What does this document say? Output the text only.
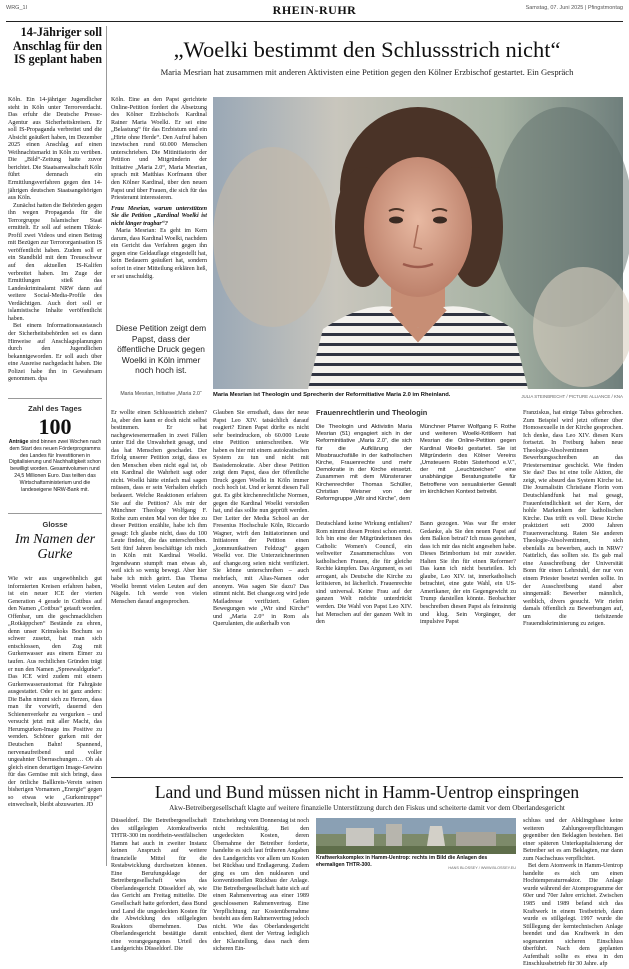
WRG_1I	RHEIN-RUHR	Samstag, 07. Juni 2025 | Pfingstmontag
14-Jähriger soll Anschlag für den IS geplant haben

Köln. Ein 14-jähriger Jugendlicher steht in Köln unter Terrorverdacht. Das erfuhr die Deutsche Presse-Agentur aus Sicherheitskreisen. Er soll IS-Propaganda verbreitet und die Absicht geäußert haben, im Dezember 2025 einen Anschlag auf einen Weihnachtsmarkt in Köln zu verüben. Die „Bild“-Zeitung hatte zuvor berichtet. Die Staatsanwaltschaft Köln führt demnach ein Ermittlungsverfahren gegen den 14-jährigen deutschen Staatsangehörigen aus Köln.

Zunächst hatten die Behörden gegen ihn wegen Propaganda für die Terrorgruppe Islamischer Staat ermittelt. Er soll auf seinem Tiktok-Profil zwei Videos und einen Beitrag mit Bezügen zur Terrororganisation IS veröffentlicht haben. Zudem soll er ein Standbild mit dem Treueschwur auf den aktuellen IS-Kalifen verbreitet haben. Im Zuge der Ermittlungen stieß das Landeskriminalamt NRW dann auf weitere Social-Media-Profile des Verdächtigen. Auch dort soll er islamistische Inhalte veröffentlicht haben.

Bei einem Informationsaustausch der Sicherheitsbehörden sei es dann Hinweise auf Anschlagsplanungen durch den Jugendlichen bekanntgeworden. Er soll auch über eine Ausreise nachgedacht haben. Die Polizei habe ihn in Gewahrsam genommen. dpa

Zahl des Tages
100
Anträge sind binnen zwei Wochen nach dem Start des neuen Förderprogramms des Landes für Investitionen in Digitalisierung und Nachhaltigkeit schon bewilligt worden. Gesamtvolumen rund 24,5 Millionen Euro. Das teilten das Wirtschaftsministerium und die landeseigene NRW-Bank mit.
Glosse
Im Namen der Gurke

Wie wir aus ungewöhnlich gut informierten Kreisen erfahren haben, ist ein neuer ICE der vierten Generation 4 gerade in Cottbus auf den Namen „Cottbus“ getauft worden. Offenbar, um die geschmacklichen „Rotkäppchen“ Bestände zu ehren, denn unser Krimskoks Bochum so schwer zusetzt, hat man sich entschlossen, den Zug mit Gurkenwasser aus einem Eimer zu taufen. Aus rechtlichen Gründen trägt er nun den Namen „Spreewaldgurke“. Das ICE wird zudem mit einem Gurkenwasserautomat für Fahrgäste ausgestattet. Oder es ist ganz anders: Die Bahn nimmt sich zu Herzen, dass man ihr vorwirft, dauernd den Schienenverkehr zu vergurken – und versucht jetzt mit aller Macht, das Herumgurken-Image ins Positive zu wenden. Schöner gurken mit der Deutschen Bahn! Spannend, nervenaufreibend und voller ungeahnter Überraschungen… Oh als gleich einen derartigen Image-Gewinn für das Gemüse mit sich bringt, dass der örtliche Ballkreis-Verein seinen bisherigen Vornamen „Energie“ gegen so etwas wie „Gurkentruppe“ einwechselt, bleibt abzuwarten. JD

„Woelki bestimmt den Schlussstrich nicht“
Maria Mesrian hat zusammen mit anderen Aktivisten eine Petition gegen den Kölner Erzbischof gestartet. Ein Gespräch

Köln. Eine an den Papst gerichtete Online-Petition fordert die Absetzung des Kölner Erzbischofs Kardinal Rainer Maria Woelki. Er sei eine „Belastung“ für das Erzbistum und ein „Hirte ohne Herde“. Den Aufruf haben inzwischen rund 60.000 Menschen unterschrieben. Die Mitinitiatorin der Petition und Mitgründerin der Initiative „Maria 2.0“, Maria Mesrian, sprach mit Matthias Korfmann über den Kölner Kardinal, über den neuen Papst und über Frauen, die sich für das Priesteramt interessieren.

Frau Mesrian, warum unterstützen Sie die Petition „Kardinal Woelki ist nicht länger tragbar“?

Maria Mesrian: Es geht im Kern darum, dass Kardinal Woelki, nachdem ein Gericht das Verfahren gegen ihn gegen eine Geldauflage eingestellt hat, kein Bedauern geäußert hat, sondern sofort in einer Mitteilung erklären ließ, er sei unschuldig.

Diese Petition zeigt dem Papst, dass der öffentliche Druck gegen Woelki in Köln immer noch hoch ist.
Maria Mesrian, Initiative „Maria 2.0“	Maria Mesrian ist Theologin und Sprecherin der Reformitiative Maria 2.0 im Rheinland.	JULIA STEINBRECHT / PICTURE ALLIANCE / KNA

Er wollte einen Schlussstrich ziehen? Ja, aber den kann er doch nicht selbst bestimmen. Er hat nachgewiesenermaßen in zwei Fällen unter Eid die Unwahrheit gesagt, und das hat Menschen geschadet. Der Erfolg unserer Petition zeigt, dass es den Menschen eben nicht egal ist, ob ein Kardinal die Wahrheit sagt oder nicht. Woelki hätte einfach mal sagen müssen, dass er sein Verhalten ehrlich bedauert. Welche Reaktionen erfahren Sie auf die Petition? Als mir der Münchner Theologe Wolfgang F. Rothe zum ersten Mal von der Idee zu dieser Petition erzählte, habe ich ihm gesagt: Ich glaube nicht, dass du 100 Leute findest, die das unterschreiben. Seit fünf Jahren beschäftige ich mich in Köln mit Kardinal Woelki. Irgendwann stumpft man etwas ab, weil sich so wenig bewegt. Aber hier habe ich mich geirrt. Das Thema Woelki brennt vielen Leuten auf den Nägeln. Ich werde von vielen Menschen darauf angesprochen.

Glauben Sie ernsthaft, dass der neue Papst Leo XIV. tatsächlich darauf reagiert? Einen Papst dürfte es nicht sehr beeindrucken, ob 60.000 Leute eine Petition unterschreiben. Wir haben es hier mit einem autokratischen System zu tun und nicht mit Basisdemokratie. Aber diese Petition zeigt dem Papst, dass der öffentliche Druck gegen Woelki in Köln immer noch hoch ist. Und er kennt diesen Fall gut. Es gibt kirchenrechtliche Normen, gegen die Kardinal Woelki verstoßen hat, und das sollte nun geprüft werden. Der Leiter der Media School an der Fresenius Hochschule Köln, Riccardo Wagner, wirft den Initiatorinnen und Initiatoren der Petition einen „kommunikativen Feldzug“ gegen Woelki vor. Die Unterzeichnerinnen auf change.org seien nicht verifiziert. Sie könne unterschreiben – auch mehrfach, mit Alias-Namen oder anonym. Was sagen Sie dazu? Das stimmt nicht. Bei change.org wird jede Mailadresse verifiziert. Gelten Bewegungen wie „Wir sind Kirche“ und „Maria 2.0“ in Rom als Querulanten, die außerhalb von

Frauenrechtlerin und Theologin

Die Theologin und Aktivistin Maria Mesrian (51) engagiert sich in der Reforminitiative „Maria 2.0“, die sich für die Aufklärung der Missbrauchsfälle in der katholischen Kirche, Frauenrechte und mehr Demokratie in der Kirche einsetzt. Zusammen mit dem Münsteraner Kirchenrechtler Thomas Schüller, Christian Weisner von der Reformgruppe „Wir sind Kirche“, dem

Münchner Pfarrer Wolfgang F. Rothe und weiteren Woelki-Kritikern hat Mesrian die Online-Petition gegen Kardinal Woelki gestartet. Sie ist Mitgründerin des Kölner Vereins „Umsteuern Robin Sisterhood e.V.“, der mit „Leuchtzeichen“ eine unabhängige Beratungsstelle für Betroffene von sexualisierter Gewalt im kirchlichen Kontext betreibt.

Deutschland keine Wirkung entfalten? Rom nimmt diesen Protest schon ernst. Ich bin eine der Mitgründerinnen des Catholic Women's Council, ein weltweiter Zusammenschluss von katholischen Frauen, die für gleiche Rechte kämpfen. Das Argument, es sei arrogant, als Deutsche die Kirche zu kritisieren, ist lächerlich. Frauenrechte sind universal. Keine Frau auf der ganzen Welt möchte unterdrückt werden. Die Wahl von Papst Leo XIV. hat Menschen auf der ganzen Welt in den

Bann gezogen. Was war Ihr erster Gedanke, als Sie den neuen Papst auf dem Balkon betrat? Ich muss gestehen, dass ich mir das nicht angesehen habe. Dieses Brimborium ist mir zuwider. Halten Sie ihn für einen Reformer? Das kann ich nicht beurteilen. Ich glaube, Leo XIV. ist, innerkatholisch betrachtet, eine gute Wahl, ein US-Amerikaner, der ein Gegengewicht zu Trump darstellen könnte. Beobachter beschreiben diesen Papst als feinsinnig und klug. Sein Vorgänger, der impulsive Papst

Franziskus, hat einige Tabus gebrochen. Zum Beispiel wird jetzt offener über Homosexuelle in der Kirche gesprochen. Ich denke, dass Leo XIV. diesen Kurs fortsetzt. In Freiburg haben neue Theologie-Absolventinnen Bewerbungsschreiben an das Priesterseminar geschickt. Wie finden Sie das? Das ist eine tolle Aktion, die zeigt, wie absurd das System Kirche ist. Die Journalistin Christiane Florin vom Deutschlandfunk hat mal gesagt, Frauenfeindlichkeit sei der Kern, der hohle Markenkern der katholischen Kirche. Das trifft es voll. Diese Kirche praktiziert seit 2000 Jahren Frauenverachtung. Raten Sie anderen Theologie-Absolventinnen, sich ebenfalls zu bewerben, auch in NRW? Natürlich, das sollten sie. Es gab mal eine Ausschreibung der Universität Bonn für einen Lehrstuhl, der nur von einem Priester besetzt werden sollte. In der Ausschreibung stand aber sinngemäß: Bewerber männlich, weiblich, divers gesucht. Wir riefen damals öffentlich zu Bewerbungen auf, um die tiefsitzende Frauendiskriminierung zu zeigen.

Land und Bund müssen nicht in Hamm-Uentrop einspringen
Akw-Betreibergesellschaft klagte auf weitere finanzielle Unterstützung durch den Fiskus und scheiterte damit vor dem Oberlandesgericht

Düsseldorf. Die Betreibergesellschaft des stillgelegten Atomkraftwerks THTR-300 im nordrhein-westfälischen Hamm hat auch in zweiter Instanz keinen Anspruch auf weitere finanzielle Mittel für die Restabwicklung durchsetzen können. Eine Berufungsklage der Betreibergesellschaft wies das Oberlandesgericht Düsseldorf ab, wie das Gericht am Freitag mitteilte. Die Gesellschaft hatte gefordert, dass Bund und Land die ungedeckten Kosten für die Abwicklung des stillgelegten Reaktors übernehmen. Das Oberlandesgericht bestätigte damit eine vorangegangenes Urteil des Landgerichts Düsseldorf. Die

Entscheidung vom Donnerstag ist noch nicht rechtskräftig. Bei den ungedeckten Kosten, deren Übernahme der Betreiber forderte, handelte es sich laut früheren Angaben des Landgerichts vor allem um Kosten bei Rückbau und Endlagerung. Zudem ging es um den nuklearen und konventionellen Rückbau der Anlage. Die Betreibergesellschaft hatte sich auf einen Rahmenvertrag aus einer 1989 geschlossenen Rahmenvertrag. Eine Verpflichtung zur Kostenübernahme besteht aus dem Rahmenvertrag jedoch nicht. Wie das Oberlandesgericht entschied, dient der Vertrag lediglich der Klarstellung, dass nach dem sicheren Ein-

Kraftwerkskomplex in Hamm-Uentrop: rechts im Bild die Anlagen des ehemaligen THTR-300.
HANS BLOSSEY / WWW.BLOSSEY.EU

schluss und der Abklingphase keine weiteren Zahlungsverpflichtungen gegenüber den Beklagten bestehen. Bei einer späteren Unterkapitalisierung der Betreiber sei es am Beklagten, nur dann zum Nachschuss verpflichtet.

Bei dem Atomwerk in Hamm-Uentrop handelte es sich um einen Hochtemperaturreaktor. Die Anlage wurde während der Atomprogramme der 60er und 70er Jahre errichtet. Zwischen 1985 und 1989 befand sich das Kraftwerk in einem Testbetrieb, dann wurde es stillgelegt. 1997 wurde die Stilllegung der kerntechnischen Anlage beendet und das Kraftwerk in den sogenannten sicheren Einschluss überführt. Nach dem geplanten Aufenthalt sollte es etwa in den Einschlussbetrieb für 30 Jahre. afp
